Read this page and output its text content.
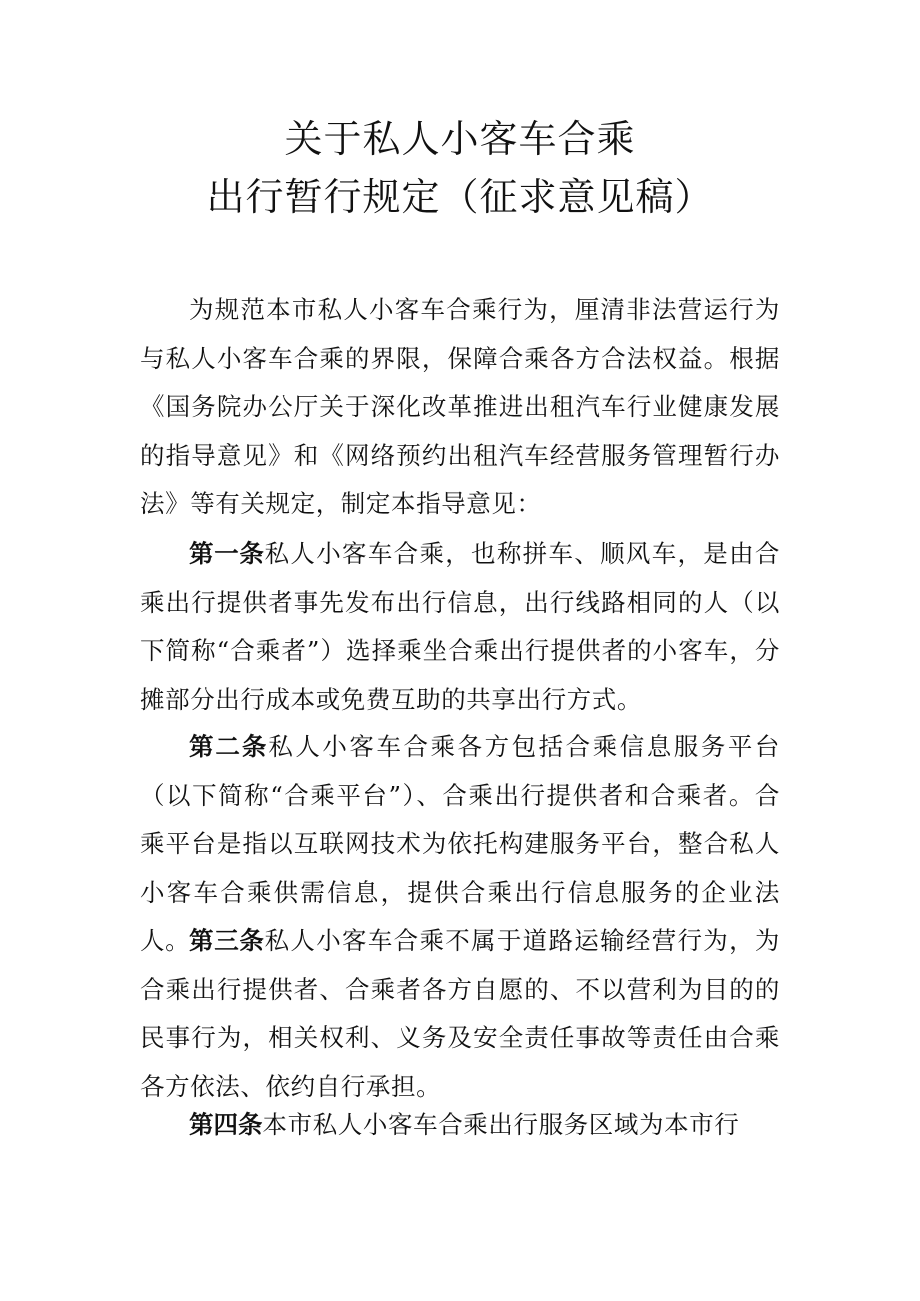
关于私人小客车合乘
出行暂行规定（征求意见稿）

为规范本市私人小客车合乘行为，厘清非法营运行为与私人小客车合乘的界限，保障合乘各方合法权益。根据《国务院办公厅关于深化改革推进出租汽车行业健康发展的指导意见》和《网络预约出租汽车经营服务管理暂行办法》等有关规定，制定本指导意见：

第一条私人小客车合乘，也称拼车、顺风车，是由合乘出行提供者事先发布出行信息，出行线路相同的人（以下简称“合乘者”）选择乘坐合乘出行提供者的小客车，分摊部分出行成本或免费互助的共享出行方式。

第二条私人小客车合乘各方包括合乘信息服务平台（以下简称“合乘平台”）、合乘出行提供者和合乘者。合乘平台是指以互联网技术为依托构建服务平台，整合私人小客车合乘供需信息，提供合乘出行信息服务的企业法人。

第三条私人小客车合乘不属于道路运输经营行为，为合乘出行提供者、合乘者各方自愿的、不以营利为目的的民事行为，相关权利、义务及安全责任事故等责任由合乘各方依法、依约自行承担。

第四条本市私人小客车合乘出行服务区域为本市行
